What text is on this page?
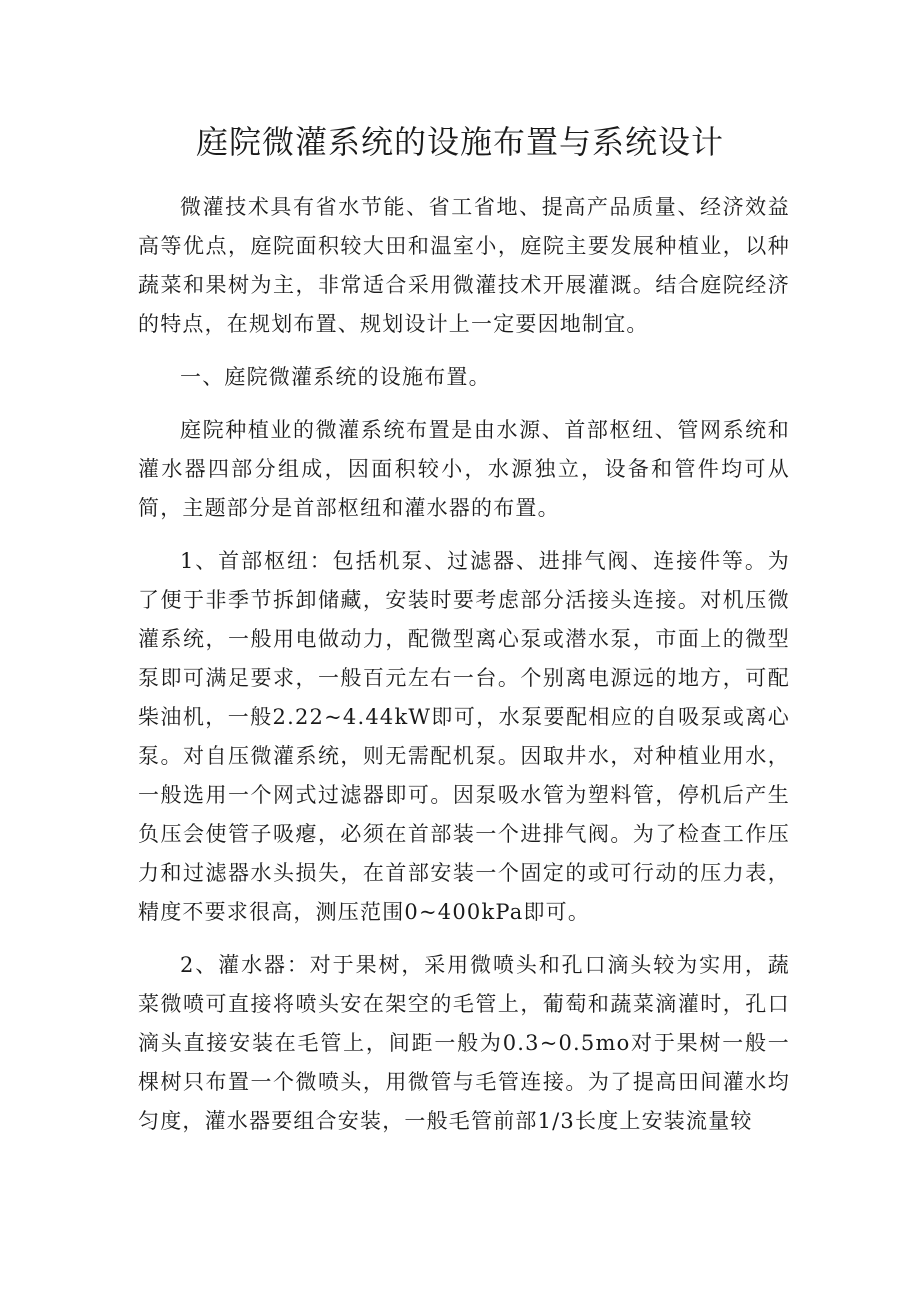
庭院微灌系统的设施布置与系统设计

微灌技术具有省水节能、省工省地、提高产品质量、经济效益高等优点，庭院面积较大田和温室小，庭院主要发展种植业，以种蔬菜和果树为主，非常适合采用微灌技术开展灌溉。结合庭院经济的特点，在规划布置、规划设计上一定要因地制宜。

一、庭院微灌系统的设施布置。

庭院种植业的微灌系统布置是由水源、首部枢纽、管网系统和灌水器四部分组成，因面积较小，水源独立，设备和管件均可从简，主题部分是首部枢纽和灌水器的布置。

1、首部枢纽：包括机泵、过滤器、进排气阀、连接件等。为了便于非季节拆卸储藏，安装时要考虑部分活接头连接。对机压微灌系统，一般用电做动力，配微型离心泵或潜水泵，市面上的微型泵即可满足要求，一般百元左右一台。个别离电源远的地方，可配柴油机，一般2.22~4.44kW即可，水泵要配相应的自吸泵或离心泵。对自压微灌系统，则无需配机泵。因取井水，对种植业用水，一般选用一个网式过滤器即可。因泵吸水管为塑料管，停机后产生负压会使管子吸瘪，必须在首部装一个进排气阀。为了检查工作压力和过滤器水头损失，在首部安装一个固定的或可行动的压力表，精度不要求很高，测压范围0~400kPa即可。

2、灌水器：对于果树，采用微喷头和孔口滴头较为实用，蔬菜微喷可直接将喷头安在架空的毛管上，葡萄和蔬菜滴灌时，孔口滴头直接安装在毛管上，间距一般为0.3~0.5mo对于果树一般一棵树只布置一个微喷头，用微管与毛管连接。为了提高田间灌水均匀度，灌水器要组合安装，一般毛管前部1/3长度上安装流量较
